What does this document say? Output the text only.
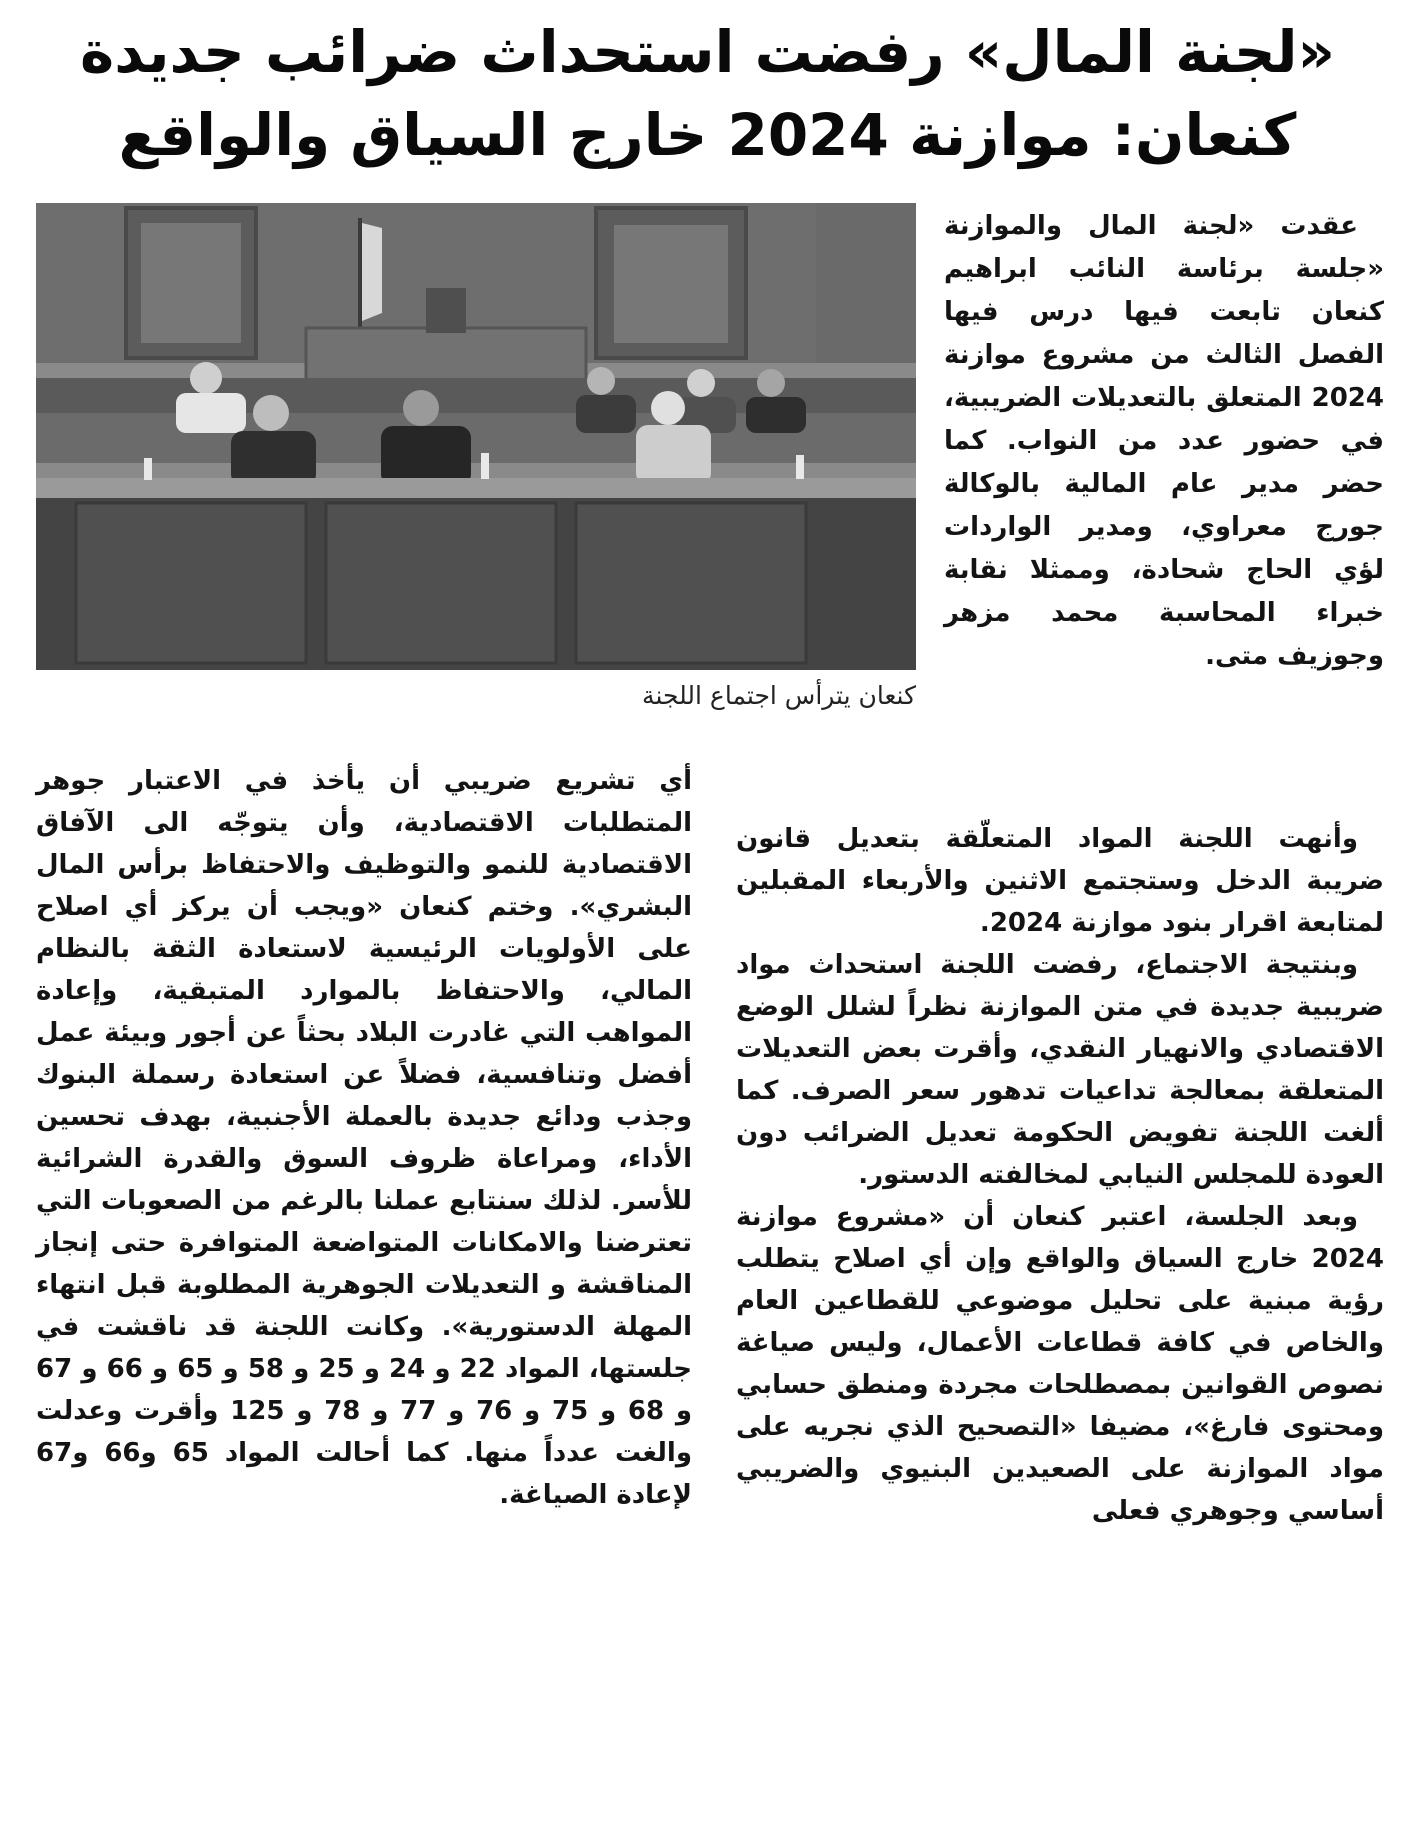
«لجنة المال» رفضت استحداث ضرائب جديدة
كنعان: موازنة 2024 خارج السياق والواقع
كنعان يترأس اجتماع اللجنة

عقدت «لجنة المال والموازنة «جلسة برئاسة النائب ابراهيم كنعان تابعت فيها درس فيها الفصل الثالث من مشروع موازنة 2024 المتعلق بالتعديلات الضريبية، في حضور عدد من النواب. كما حضر مدير عام المالية بالوكالة جورج معراوي، ومدير الواردات لؤي الحاج شحادة، وممثلا نقابة خبراء المحاسبة محمد مزهر وجوزيف متى.

وأنهت اللجنة المواد المتعلّقة بتعديل قانون ضريبة الدخل وستجتمع الاثنين والأربعاء المقبلين لمتابعة اقرار بنود موازنة 2024.

وبنتيجة الاجتماع، رفضت اللجنة استحداث مواد ضريبية جديدة في متن الموازنة نظراً لشلل الوضع الاقتصادي والانهيار النقدي، وأقرت بعض التعديلات المتعلقة بمعالجة تداعيات تدهور سعر الصرف. كما ألغت اللجنة تفويض الحكومة تعديل الضرائب دون العودة للمجلس النيابي لمخالفته الدستور.

وبعد الجلسة، اعتبر كنعان أن «مشروع موازنة 2024 خارج السياق والواقع وإن أي اصلاح يتطلب رؤية مبنية على تحليل موضوعي للقطاعين العام والخاص في كافة قطاعات الأعمال، وليس صياغة نصوص القوانين بمصطلحات مجردة ومنطق حسابي ومحتوى فارغ»، مضيفا «التصحيح الذي نجريه على مواد الموازنة على الصعيدين البنيوي والضريبي أساسي وجوهري فعلى

أي تشريع ضريبي أن يأخذ في الاعتبار جوهر المتطلبات الاقتصادية، وأن يتوجّه الى الآفاق الاقتصادية للنمو والتوظيف والاحتفاظ برأس المال البشري». وختم كنعان «ويجب أن يركز أي اصلاح على الأولويات الرئيسية لاستعادة الثقة بالنظام المالي، والاحتفاظ بالموارد المتبقية، وإعادة المواهب التي غادرت البلاد بحثاً عن أجور وبيئة عمل أفضل وتنافسية، فضلاً عن استعادة رسملة البنوك وجذب ودائع جديدة بالعملة الأجنبية، بهدف تحسين الأداء، ومراعاة ظروف السوق والقدرة الشرائية للأسر. لذلك سنتابع عملنا بالرغم من الصعوبات التي تعترضنا والامكانات المتواضعة المتوافرة حتى إنجاز المناقشة و التعديلات الجوهرية المطلوبة قبل انتهاء المهلة الدستورية». وكانت اللجنة قد ناقشت في جلستها، المواد 22 و 24 و 25 و 58 و 65 و 66 و 67 و 68 و 75 و 76 و 77 و 78 و 125 وأقرت وعدلت والغت عدداً منها. كما أحالت المواد 65 و66 و67 لإعادة الصياغة.
